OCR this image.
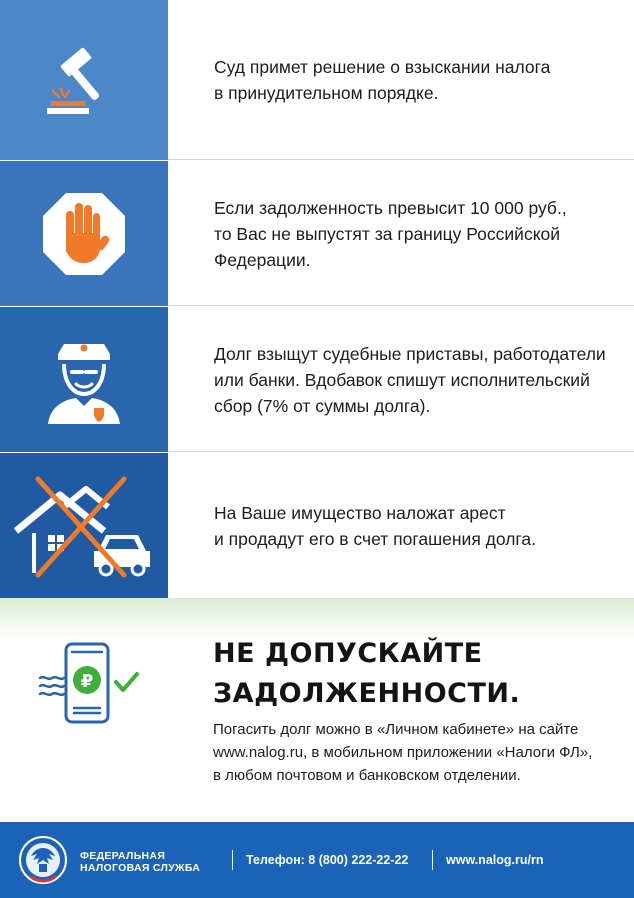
Суд примет решение о взыскании налога
в принудительном порядке.
Если задолженность превысит 10 000 руб.,
то Вас не выпустят за границу Российской
Федерации.
Долг взыщут судебные приставы, работодатели
или банки. Вдобавок спишут исполнительский
сбор (7% от суммы долга).
На Ваше имущество наложат арест
и продадут его в счет погашения долга.
₽
НЕ ДОПУСКАЙТЕ
ЗАДОЛЖЕННОСТИ.
Погасить долг можно в «Личном кабинете» на сайте
www.nalog.ru, в мобильном приложении «Налоги ФЛ»,
в любом почтовом и банковском отделении.
ФЕДЕРАЛЬНАЯ
НАЛОГОВАЯ СЛУЖБА
Телефон: 8 (800) 222-22-22	www.nalog.ru/rn
